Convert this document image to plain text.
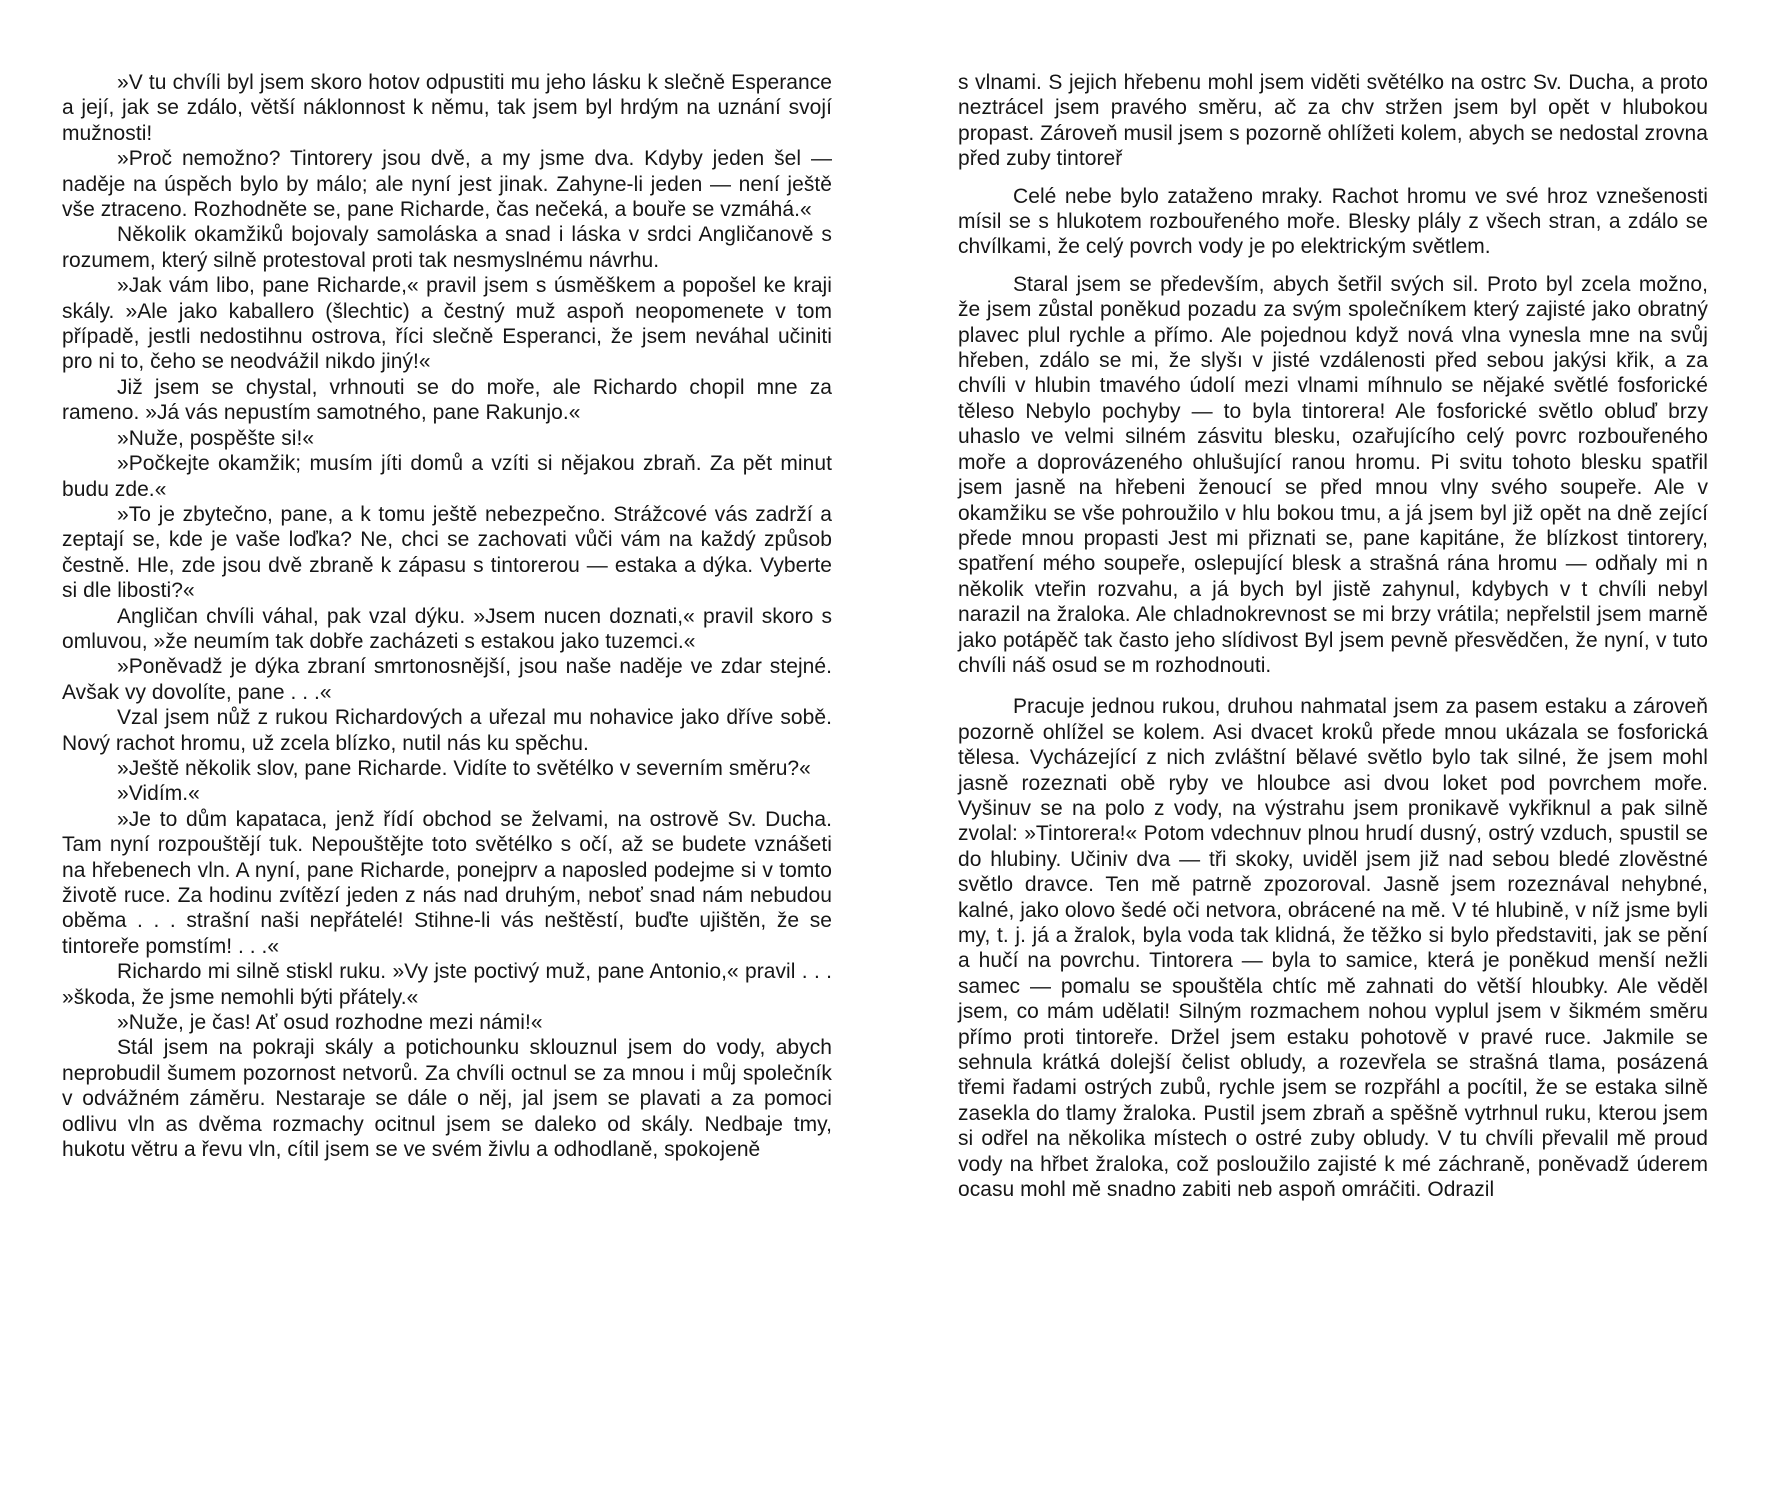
»V tu chvíli byl jsem skoro hotov odpustiti mu jeho lásku k slečně Esperance a její, jak se zdálo, větší náklonnost k němu, tak jsem byl hrdým na uznání svojí mužnosti!

»Proč nemožno? Tintorery jsou dvě, a my jsme dva. Kdyby jeden šel — naděje na úspěch bylo by málo; ale nyní jest jinak. Zahyne-li jeden — není ještě vše ztraceno. Rozhodněte se, pane Richarde, čas nečeká, a bouře se vzmáhá.«

Několik okamžiků bojovaly samoláska a snad i láska v srdci Angličanově s rozumem, který silně protestoval proti tak nesmyslnému návrhu.

»Jak vám libo, pane Richarde,« pravil jsem s úsměškem a popošel ke kraji skály. »Ale jako kaballero (šlechtic) a čestný muž aspoň neopomenete v tom případě, jestli nedostihnu ostrova, říci slečně Esperanci, že jsem neváhal učiniti pro ni to, čeho se neodvážil nikdo jiný!«

Již jsem se chystal, vrhnouti se do moře, ale Richardo chopil mne za rameno. »Já vás nepustím samotného, pane Rakunjo.«

»Nuže, pospěšte si!«

»Počkejte okamžik; musím jíti domů a vzíti si nějakou zbraň. Za pět minut budu zde.«

»To je zbytečno, pane, a k tomu ještě nebezpečno. Strážcové vás zadrží a zeptají se, kde je vaše loďka? Ne, chci se zachovati vůči vám na každý způsob čestně. Hle, zde jsou dvě zbraně k zápasu s tintorerou — estaka a dýka. Vyberte si dle libosti?«

Angličan chvíli váhal, pak vzal dýku. »Jsem nucen doznati,« pravil skoro s omluvou, »že neumím tak dobře zacházeti s estakou jako tuzemci.«

»Poněvadž je dýka zbraní smrtonosnější, jsou naše naděje ve zdar stejné. Avšak vy dovolíte, pane . . .«

Vzal jsem nůž z rukou Richardových a uřezal mu nohavice jako dříve sobě. Nový rachot hromu, už zcela blízko, nutil nás ku spěchu.

»Ještě několik slov, pane Richarde. Vidíte to světélko v severním směru?«

»Vidím.«

»Je to dům kapataca, jenž řídí obchod se želvami, na ostrově Sv. Ducha. Tam nyní rozpouštějí tuk. Nepouštějte toto světélko s očí, až se budete vznášeti na hřebenech vln. A nyní, pane Richarde, ponejprv a naposled podejme si v tomto životě ruce. Za hodinu zvítězí jeden z nás nad druhým, neboť snad nám nebudou oběma . . . strašní naši nepřátelé! Stihne-li vás neštěstí, buďte ujištěn, že se tintoreře pomstím! . . .«

Richardo mi silně stiskl ruku. »Vy jste poctivý muž, pane Antonio,« pravil . . . »škoda, že jsme nemohli býti přátely.«

»Nuže, je čas! Ať osud rozhodne mezi námi!«

Stál jsem na pokraji skály a potichounku sklouznul jsem do vody, abych neprobudil šumem pozornost netvorů. Za chvíli octnul se za mnou i můj společník v odvážném záměru. Nestaraje se dále o něj, jal jsem se plavati a za pomoci odlivu vln as dvěma rozmachy ocitnul jsem se daleko od skály. Nedbaje tmy, hukotu větru a řevu vln, cítil jsem se ve svém živlu a odhodlaně, spokojeně

s vlnami. S jejich hřebenu mohl jsem viděti světélko na ostrc Sv. Ducha, a proto neztrácel jsem pravého směru, ač za chv stržen jsem byl opět v hlubokou propast. Zároveň musil jsem s pozorně ohlížeti kolem, abych se nedostal zrovna před zuby tintoreř

Celé nebe bylo zataženo mraky. Rachot hromu ve své hroz vznešenosti mísil se s hlukotem rozbouřeného moře. Blesky plály z všech stran, a zdálo se chvílkami, že celý povrch vody je po elektrickým světlem.

Staral jsem se především, abych šetřil svých sil. Proto byl zcela možno, že jsem zůstal poněkud pozadu za svým společníkem který zajisté jako obratný plavec plul rychle a přímo. Ale pojednou když nová vlna vynesla mne na svůj hřeben, zdálo se mi, že slyšı v jisté vzdálenosti před sebou jakýsi křik, a za chvíli v hlubin tmavého údolí mezi vlnami míhnulo se nějaké světlé fosforické těleso Nebylo pochyby — to byla tintorera! Ale fosforické světlo obluď brzy uhaslo ve velmi silném zásvitu blesku, ozařujícího celý povrc rozbouřeného moře a doprovázeného ohlušující ranou hromu. Pi svitu tohoto blesku spatřil jsem jasně na hřebeni ženoucí se před mnou vlny svého soupeře. Ale v okamžiku se vše pohroužilo v hlu bokou tmu, a já jsem byl již opět na dně zející přede mnou propasti Jest mi přiznati se, pane kapitáne, že blízkost tintorery, spatření mého soupeře, oslepující blesk a strašná rána hromu — odňaly mi n několik vteřin rozvahu, a já bych byl jistě zahynul, kdybych v t chvíli nebyl narazil na žraloka. Ale chladnokrevnost se mi brzy vrátila; nepřelstil jsem marně jako potápěč tak často jeho slídivost Byl jsem pevně přesvědčen, že nyní, v tuto chvíli náš osud se m rozhodnouti.

Pracuje jednou rukou, druhou nahmatal jsem za pasem estaku a zároveň pozorně ohlížel se kolem. Asi dvacet kroků přede mnou ukázala se fosforická tělesa. Vycházející z nich zvláštní bělavé světlo bylo tak silné, že jsem mohl jasně rozeznati obě ryby ve hloubce asi dvou loket pod povrchem moře. Vyšinuv se na polo z vody, na výstrahu jsem pronikavě vykřiknul a pak silně zvolal: »Tintorera!« Potom vdechnuv plnou hrudí dusný, ostrý vzduch, spustil se do hlubiny. Učiniv dva — tři skoky, uviděl jsem již nad sebou bledé zlověstné světlo dravce. Ten mě patrně zpozoroval. Jasně jsem rozeznával nehybné, kalné, jako olovo šedé oči netvora, obrácené na mě. V té hlubině, v níž jsme byli my, t. j. já a žralok, byla voda tak klidná, že těžko si bylo představiti, jak se pění a hučí na povrchu. Tintorera — byla to samice, která je poněkud menší nežli samec — pomalu se spouštěla chtíc mě zahnati do větší hloubky. Ale věděl jsem, co mám udělati! Silným rozmachem nohou vyplul jsem v šikmém směru přímo proti tintoreře. Držel jsem estaku pohotově v pravé ruce. Jakmile se sehnula krátká dolejší čelist obludy, a rozevřela se strašná tlama, posázená třemi řadami ostrých zubů, rychle jsem se rozpřáhl a pocítil, že se estaka silně zasekla do tlamy žraloka. Pustil jsem zbraň a spěšně vytrhnul ruku, kterou jsem si odřel na několika místech o ostré zuby obludy. V tu chvíli převalil mě proud vody na hřbet žraloka, což posloužilo zajisté k mé záchraně, poněvadž úderem ocasu mohl mě snadno zabiti neb aspoň omráčiti. Odrazil
